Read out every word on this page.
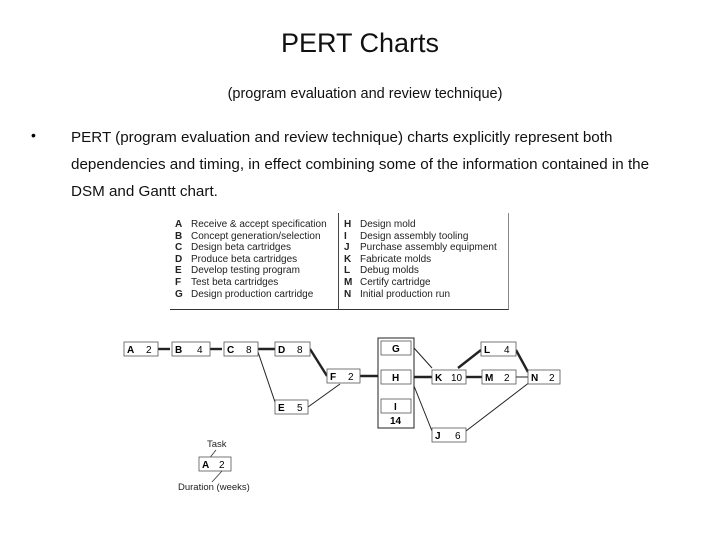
PERT Charts
(program evaluation and review technique)
• PERT (program evaluation and review technique) charts explicitly represent both dependencies and timing, in effect combining some of the information contained in the DSM and Gantt chart.
A Receive & accept specification
B Concept generation/selection
C Design beta cartridges
D Produce beta cartridges
E Develop testing program
F Test beta cartridges
G Design production cartridge
H Design mold
I Design assembly tooling
J Purchase assembly equipment
K Fabricate molds
L Debug molds
M Certify cartridge
N Initial production run
A 2 B 4 C 8	D 8
E 5
F 2
G
H
I
14
K 10
L 4
M 2 N 2
J 6
Task
A 2
Duration (weeks)
